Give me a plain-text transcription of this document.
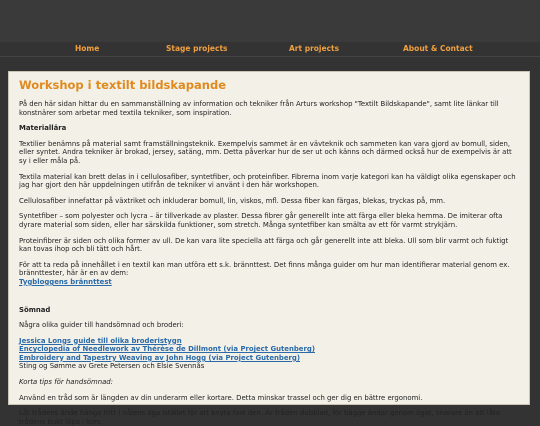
Home	Stage projects	Art projects	About & Contact
Workshop i textilt bildskapande

På den här sidan hittar du en sammanställning av information och tekniker från Arturs workshop "Textilt Bildskapande", samt lite länkar till konstnärer som arbetar med textila tekniker, som inspiration.

Materiallära

Textilier benämns på material samt framställningsteknik. Exempelvis sammet är en vävteknik och sammeten kan vara gjord av bomull, siden, eller syntet. Andra tekniker är brokad, jersey, satäng, mm. Detta påverkar hur de ser ut och känns och därmed också hur de exempelvis är att sy i eller måla på.

Textila material kan brett delas in i cellulosafiber, syntetfiber, och proteinfiber. Fibrerna inom varje kategori kan ha väldigt olika egenskaper och jag har gjort den här uppdelningen utifrån de tekniker vi använt i den här workshopen.

Cellulosafiber innefattar på växtriket och inkluderar bomull, lin, viskos, mfl. Dessa fiber kan färgas, blekas, tryckas på, mm.

Syntetfiber – som polyester och lycra – är tillverkade av plaster. Dessa fibrer går generellt inte att färga eller bleka hemma. De imiterar ofta dyrare material som siden, eller har särskilda funktioner, som stretch. Många syntetfiber kan smälta av ett för varmt strykjärn.

Proteinfibrer är siden och olika former av ull. De kan vara lite speciella att färga och går generellt inte att bleka. Ull som blir varmt och fuktigt kan tovas ihop och bli tätt och hårt.

För att ta reda på innehållet i en textil kan man utföra ett s.k. brännttest. Det finns många guider om hur man identifierar material genom ex. brännttester, här är en av dem:

Tygbloggens brännttest

Sömnad

Några olika guider till handsömnad och broderi:

Jessica Longs guide till olika broderistygn
Encyclopedia of Needlework av Thérèse de Dillmont (via Project Gutenberg)
Embroidery and Tapestry Weaving av John Hogg (via Project Gutenberg)
Sting og Sømme av Grete Petersen och Elsie Svennås

Korta tips för handsömnad:

Använd en tråd som är längden av din underarm eller kortare. Detta minskar trassel och ger dig en bättre ergonomi.

Låt trådens ände hänga fritt i nålens öga istället för att knyta fast den. Är tråden dubblad, för bägge ändar genom ögat, snarare än att låta trådens bukt löpa i kors
